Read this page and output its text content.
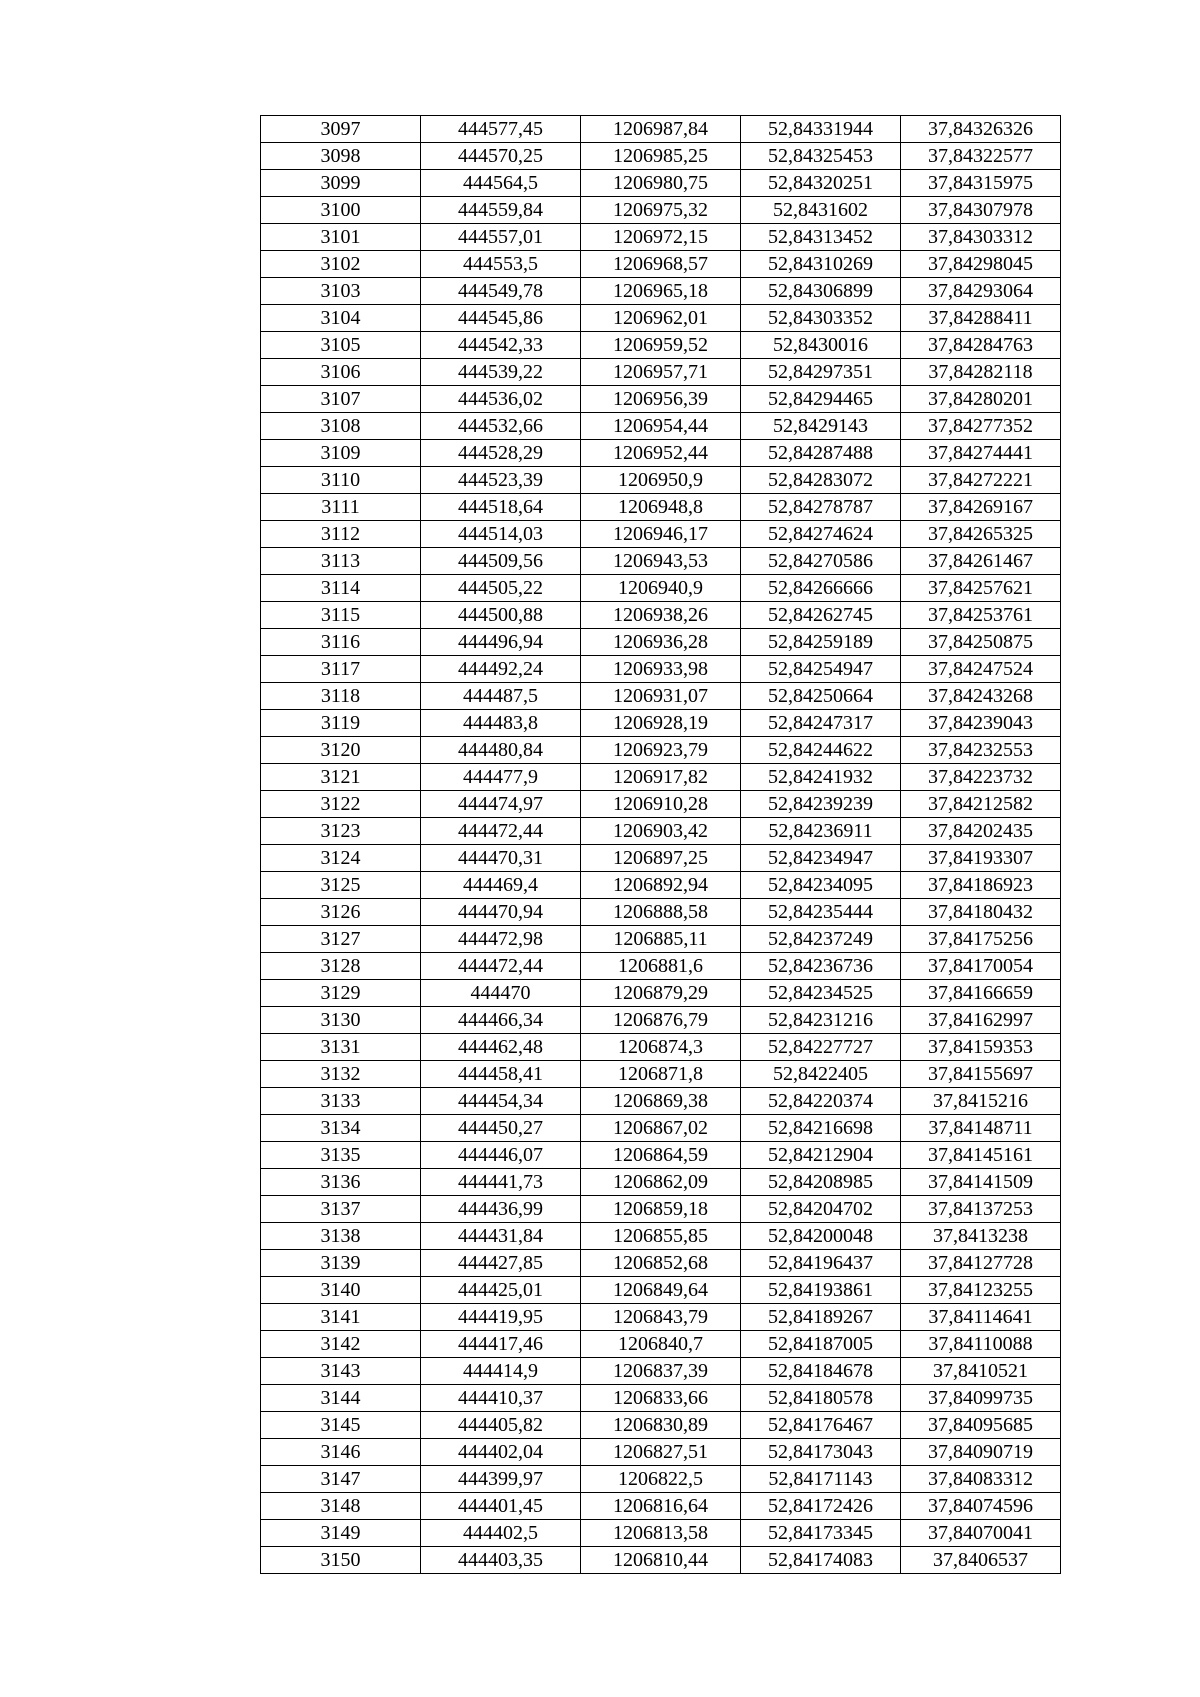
3097	444577,45	1206987,84	52,84331944	37,84326326
3098	444570,25	1206985,25	52,84325453	37,84322577
3099	444564,5	1206980,75	52,84320251	37,84315975
3100	444559,84	1206975,32	52,8431602	37,84307978
3101	444557,01	1206972,15	52,84313452	37,84303312
3102	444553,5	1206968,57	52,84310269	37,84298045
3103	444549,78	1206965,18	52,84306899	37,84293064
3104	444545,86	1206962,01	52,84303352	37,84288411
3105	444542,33	1206959,52	52,8430016	37,84284763
3106	444539,22	1206957,71	52,84297351	37,84282118
3107	444536,02	1206956,39	52,84294465	37,84280201
3108	444532,66	1206954,44	52,8429143	37,84277352
3109	444528,29	1206952,44	52,84287488	37,84274441
3110	444523,39	1206950,9	52,84283072	37,84272221
3111	444518,64	1206948,8	52,84278787	37,84269167
3112	444514,03	1206946,17	52,84274624	37,84265325
3113	444509,56	1206943,53	52,84270586	37,84261467
3114	444505,22	1206940,9	52,84266666	37,84257621
3115	444500,88	1206938,26	52,84262745	37,84253761
3116	444496,94	1206936,28	52,84259189	37,84250875
3117	444492,24	1206933,98	52,84254947	37,84247524
3118	444487,5	1206931,07	52,84250664	37,84243268
3119	444483,8	1206928,19	52,84247317	37,84239043
3120	444480,84	1206923,79	52,84244622	37,84232553
3121	444477,9	1206917,82	52,84241932	37,84223732
3122	444474,97	1206910,28	52,84239239	37,84212582
3123	444472,44	1206903,42	52,84236911	37,84202435
3124	444470,31	1206897,25	52,84234947	37,84193307
3125	444469,4	1206892,94	52,84234095	37,84186923
3126	444470,94	1206888,58	52,84235444	37,84180432
3127	444472,98	1206885,11	52,84237249	37,84175256
3128	444472,44	1206881,6	52,84236736	37,84170054
3129	444470	1206879,29	52,84234525	37,84166659
3130	444466,34	1206876,79	52,84231216	37,84162997
3131	444462,48	1206874,3	52,84227727	37,84159353
3132	444458,41	1206871,8	52,8422405	37,84155697
3133	444454,34	1206869,38	52,84220374	37,8415216
3134	444450,27	1206867,02	52,84216698	37,84148711
3135	444446,07	1206864,59	52,84212904	37,84145161
3136	444441,73	1206862,09	52,84208985	37,84141509
3137	444436,99	1206859,18	52,84204702	37,84137253
3138	444431,84	1206855,85	52,84200048	37,8413238
3139	444427,85	1206852,68	52,84196437	37,84127728
3140	444425,01	1206849,64	52,84193861	37,84123255
3141	444419,95	1206843,79	52,84189267	37,84114641
3142	444417,46	1206840,7	52,84187005	37,84110088
3143	444414,9	1206837,39	52,84184678	37,8410521
3144	444410,37	1206833,66	52,84180578	37,84099735
3145	444405,82	1206830,89	52,84176467	37,84095685
3146	444402,04	1206827,51	52,84173043	37,84090719
3147	444399,97	1206822,5	52,84171143	37,84083312
3148	444401,45	1206816,64	52,84172426	37,84074596
3149	444402,5	1206813,58	52,84173345	37,84070041
3150	444403,35	1206810,44	52,84174083	37,8406537
